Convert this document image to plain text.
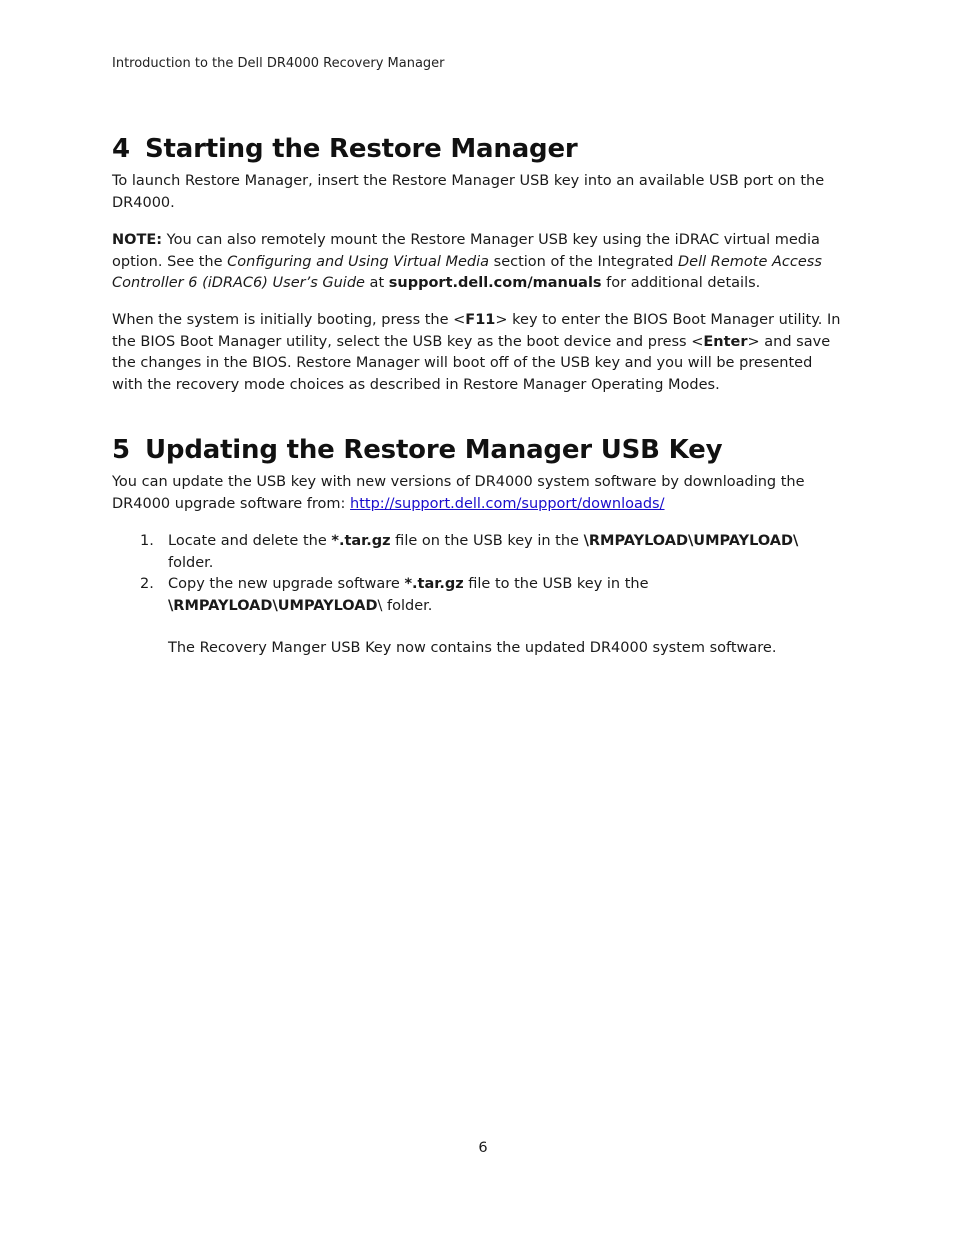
Introduction to the Dell DR4000 Recovery Manager
4 Starting the Restore Manager

To launch Restore Manager, insert the Restore Manager USB key into an available USB port on the DR4000.

NOTE: You can also remotely mount the Restore Manager USB key using the iDRAC virtual media option. See the Configuring and Using Virtual Media section of the Integrated Dell Remote Access Controller 6 (iDRAC6) User’s Guide at support.dell.com/manuals for additional details.

When the system is initially booting, press the <F11> key to enter the BIOS Boot Manager utility. In the BIOS Boot Manager utility, select the USB key as the boot device and press <Enter> and save the changes in the BIOS. Restore Manager will boot off of the USB key and you will be presented with the recovery mode choices as described in Restore Manager Operating Modes.

5 Updating the Restore Manager USB Key

You can update the USB key with new versions of DR4000 system software by downloading the DR4000 upgrade software from: http://support.dell.com/support/downloads/

1. Locate and delete the *.tar.gz file on the USB key in the \RMPAYLOAD\UMPAYLOAD\ folder.

2. Copy the new upgrade software *.tar.gz file to the USB key in the
\RMPAYLOAD\UMPAYLOAD\ folder.

The Recovery Manger USB Key now contains the updated DR4000 system software.

6
